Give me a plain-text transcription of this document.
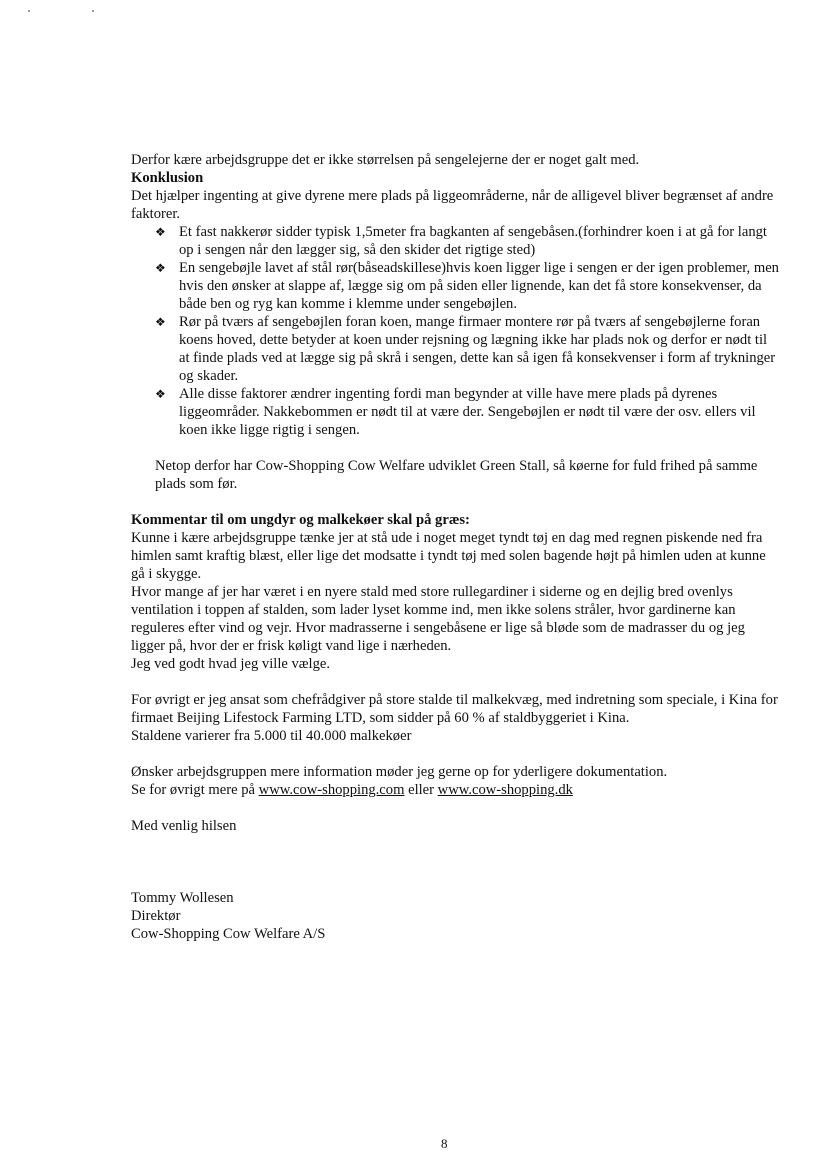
Derfor kære arbejdsgruppe det er ikke størrelsen på sengelejerne der er noget galt med.

Konklusion

Det hjælper ingenting at give dyrene mere plads på liggeområderne, når de alligevel bliver begrænset af andre faktorer.

❖ Et fast nakkerør sidder typisk 1,5meter fra bagkanten af sengebåsen.(forhindrer koen i at gå for langt op i sengen når den lægger sig, så den skider det rigtige sted)
❖ En sengebøjle lavet af stål rør(båseadskillese)hvis koen ligger lige i sengen er der igen problemer, men hvis den ønsker at slappe af, lægge sig om på siden eller lignende, kan det få store konsekvenser, da både ben og ryg kan komme i klemme under sengebøjlen.
❖ Rør på tværs af sengebøjlen foran koen, mange firmaer montere rør på tværs af sengebøjlerne foran koens hoved, dette betyder at koen under rejsning og lægning ikke har plads nok og derfor er nødt til at finde plads ved at lægge sig på skrå i sengen, dette kan så igen få konsekvenser i form af trykninger og skader.
❖ Alle disse faktorer ændrer ingenting fordi man begynder at ville have mere plads på dyrenes liggeområder. Nakkebommen er nødt til at være der. Sengebøjlen er nødt til være der osv. ellers vil koen ikke ligge rigtig i sengen.

Netop derfor har Cow-Shopping Cow Welfare udviklet Green Stall, så køerne for fuld frihed på samme plads som før.

Kommentar til om ungdyr og malkekøer skal på græs:

Kunne i kære arbejdsgruppe tænke jer at stå ude i noget meget tyndt tøj en dag med regnen piskende ned fra himlen samt kraftig blæst, eller lige det modsatte i tyndt tøj med solen bagende højt på himlen uden at kunne gå i skygge.

Hvor mange af jer har været i en nyere stald med store rullegardiner i siderne og en dejlig bred ovenlys ventilation i toppen af stalden, som lader lyset komme ind, men ikke solens stråler, hvor gardinerne kan reguleres efter vind og vejr. Hvor madrasserne i sengebåsene er lige så bløde som de madrasser du og jeg ligger på, hvor der er frisk køligt vand lige i nærheden.

Jeg ved godt hvad jeg ville vælge.

For øvrigt er jeg ansat som chefrådgiver på store stalde til malkekvæg, med indretning som speciale, i Kina for firmaet Beijing Lifestock Farming LTD, som sidder på 60 % af staldbyggeriet i Kina.

Staldene varierer fra 5.000 til 40.000 malkekøer

Ønsker arbejdsgruppen mere information møder jeg gerne op for yderligere dokumentation.

Se for øvrigt mere på www.cow-shopping.com eller www.cow-shopping.dk

Med venlig hilsen

Tommy Wollesen

Direktør

Cow-Shopping Cow Welfare A/S

8
